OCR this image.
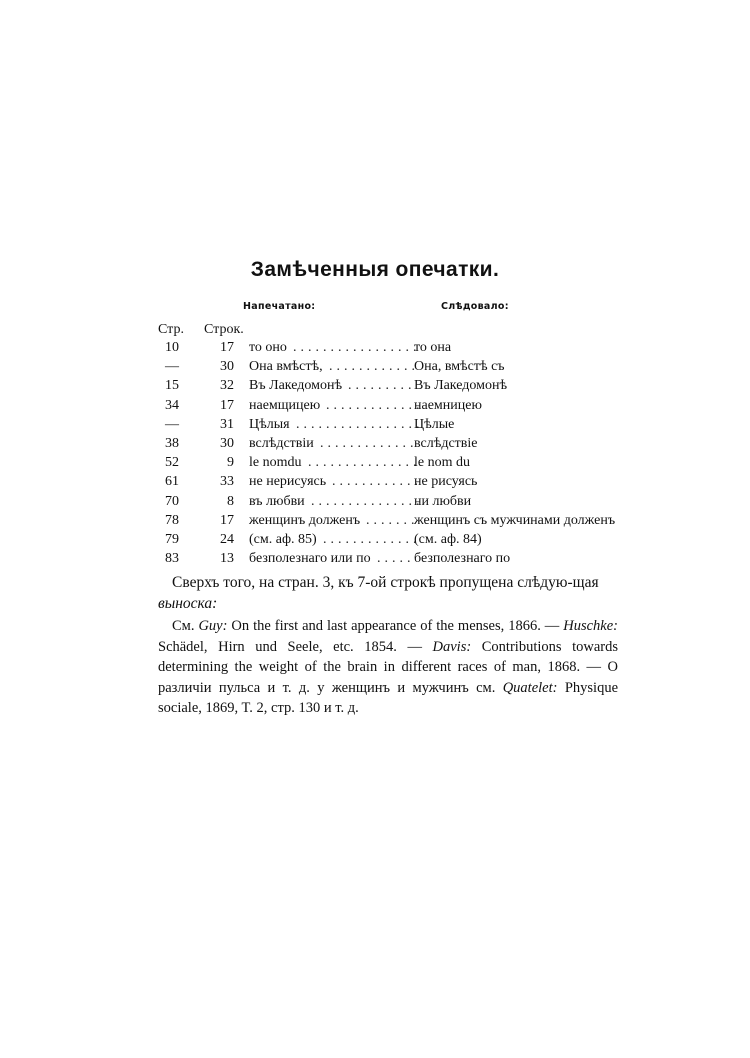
Замѣченныя опечатки.
Напечатано:	Слѣдовало:
Стр. Строк.
10	17 то оно	то она
.................
—	30 Она вмѣстѣ,	Она, вмѣстѣ съ
............
15	32 Въ Лакедомонѣ	Въ Лакедомонѣ
.........
34	17 наемщицею	наемницею
.............
—	31 Цѣлыя	Цѣлые
.................
38	30 вслѣдствіи	вслѣдствіе
.............
52	9 le nomdu	le nom du
...............
61	33 не нерисуясь	не рисуясь
............
70	8 въ любви	ни любви
...............
78	17 женщинъ долженъ	женщинъ съ мужчинами долженъ
.......
79	24 (см. аф. 85)	(см. аф. 84)
.............
83	13 безполезнаго или по	безполезнаго по
.....
Сверхъ того, на стран. 3, къ 7-ой строкѣ пропущена слѣдую-щая выноска:
См. Guy: On the first and last appearance of the menses, 1866. — Huschke: Schädel, Hirn und Seele, etc. 1854. — Davis: Contributions towards determining the weight of the brain in different races of man, 1868. — О различіи пульса и т. д. у женщинъ и мужчинъ см. Quatelet: Physique sociale, 1869, T. 2, стр. 130 и т. д.
